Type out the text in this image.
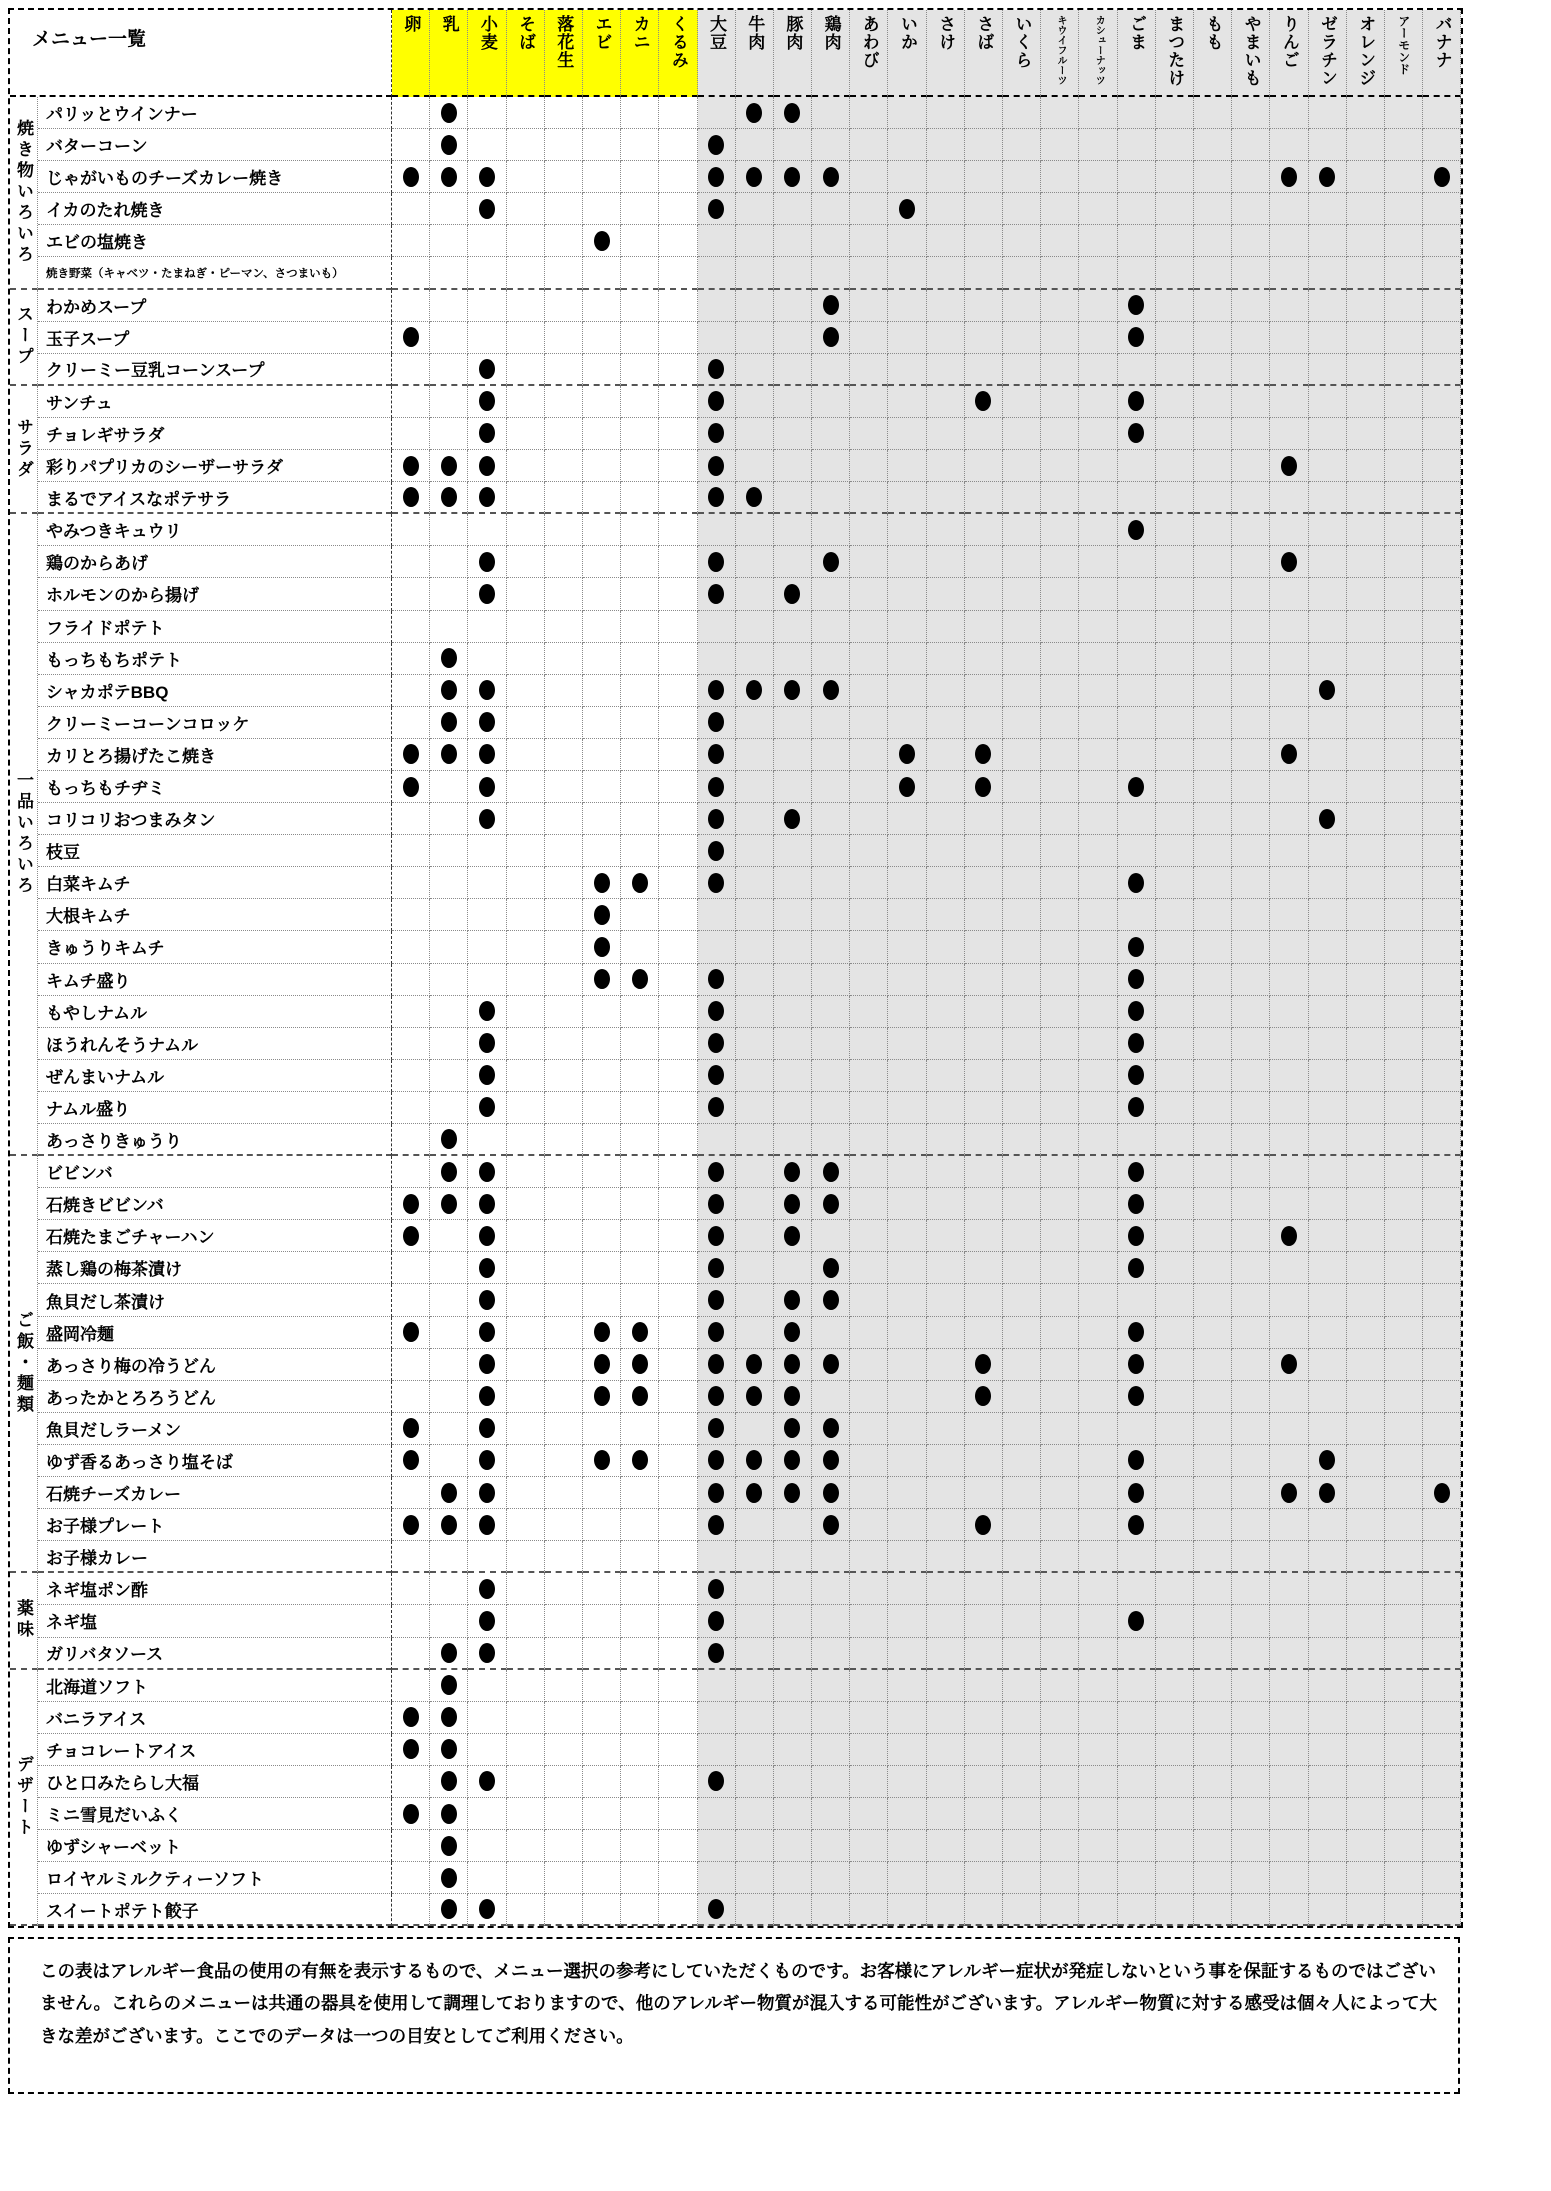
メニュー一覧
卵 乳 小麦 そば 落花生 エビ カニ くるみ 大豆 牛肉 豚肉 鶏肉 あわび いか さけ さば いくら キウイフルーツ	カシューナッツ ごま まつたけ もも やまいも りんご ゼラチン オレンジ アーモンド バナナ
焼き物いろいろ
スープ
サラダ
一品いろいろ
ご飯・麺類
薬味
デザート
パリッとウインナー
バターコーン
じゃがいものチーズカレー焼き
イカのたれ焼き
エビの塩焼き
焼き野菜（キャベツ・たまねぎ・ピーマン、さつまいも）
わかめスープ
玉子スープ
クリーミー豆乳コーンスープ
サンチュ
チョレギサラダ
彩りパプリカのシーザーサラダ
まるでアイスなポテサラ
やみつきキュウリ
鶏のからあげ
ホルモンのから揚げ
フライドポテト
もっちもちポテト
シャカポテBBQ
クリーミーコーンコロッケ
カリとろ揚げたこ焼き
もっちもチヂミ
コリコリおつまみタン
枝豆
白菜キムチ
大根キムチ
きゅうりキムチ
キムチ盛り
もやしナムル
ほうれんそうナムル
ぜんまいナムル
ナムル盛り
あっさりきゅうり
ビビンバ
石焼きビビンバ
石焼たまごチャーハン
蒸し鶏の梅茶漬け
魚貝だし茶漬け
盛岡冷麺
あっさり梅の冷うどん
あったかとろろうどん
魚貝だしラーメン
ゆず香るあっさり塩そば
石焼チーズカレー
お子様プレート
お子様カレー
ネギ塩ポン酢
ネギ塩
ガリバタソース
北海道ソフト
バニラアイス
チョコレートアイス
ひと口みたらし大福
ミニ雪見だいふく
ゆずシャーベット
ロイヤルミルクティーソフト
スイートポテト餃子
この表はアレルギー食品の使用の有無を表示するもので、メニュー選択の参考にしていただくものです。お客様にアレルギー症状が発症しないという事を保証するものではございません。これらのメニューは共通の器具を使用して調理しておりますので、他のアレルギー物質が混入する可能性がございます。アレルギー物質に対する感受は個々人によって大きな差がございます。ここでのデータは一つの目安としてご利用ください。
